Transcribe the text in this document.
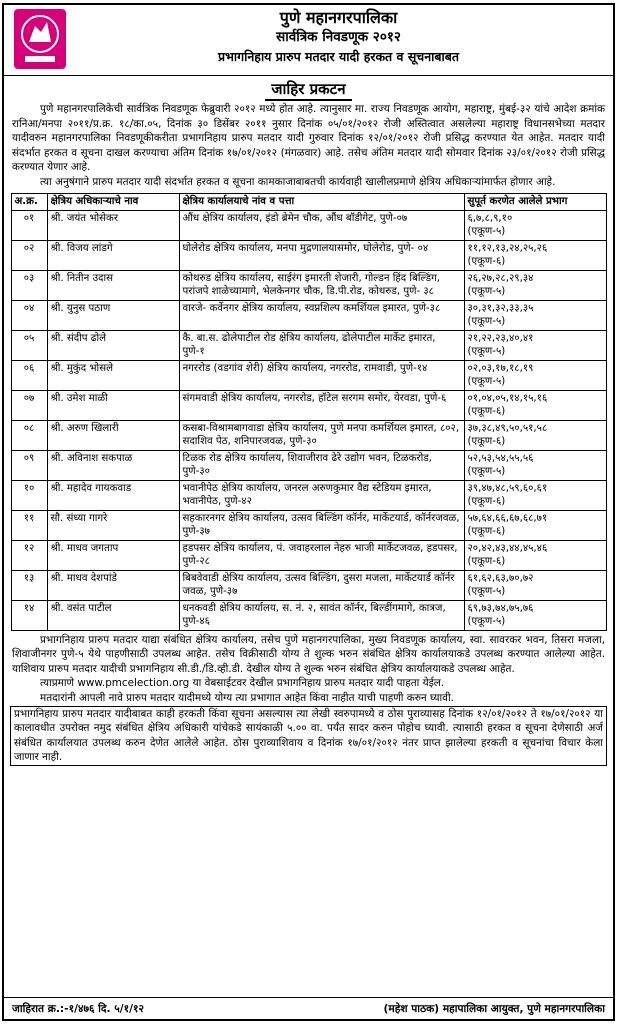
पुणे महानगरपालिका
सार्वत्रिक निवडणूक २०१२
प्रभागनिहाय प्रारुप मतदार यादी हरकत व सूचनाबाबत
जाहिर प्रकटन

पुणे महानगरपालिकेची सार्वत्रिक निवडणूक फेब्रुवारी २०१२ मध्ये होत आहे. त्यानुसार मा. राज्य निवडणूक आयोग, महाराष्ट्र, मुंबई-३२ यांचे आदेश क्रमांक रानिआ/मनपा २०११/प्र.क्र. १८/का.०५, दिनांक ३० डिसेंबर २०११ नुसार दिनांक ०५/०१/२०१२ रोजी अस्तित्वात असलेल्या महाराष्ट्र विधानसभेच्या मतदार यादीवरुन महानगरपालिका निवडणूकीकरीता प्रभागनिहाय प्रारुप मतदार यादी गुरुवार दिनांक १२/०१/२०१२ रोजी प्रसिद्ध करण्यात येत आहेत. मतदार यादी संदर्भात हरकत व सूचना दाखल करण्याचा अंतिम दिनांक १७/०१/२०१२ (मंगळवार) आहे. तसेच अंतिम मतदार यादी सोमवार दिनांक २३/०१/२०१२ रोजी प्रसिद्ध करण्यात येणार आहे.

त्या अनुषंगाने प्रारुप मतदार यादी संदर्भात हरकत व सूचना कामकाजाबाबतची कार्यवाही खालीलप्रमाणे क्षेत्रिय अधिकाऱ्यांमार्फत होणार आहे.

अ.क्र.	क्षेत्रिय अधिकाऱ्याचे नाव	क्षेत्रिय कार्यालयाचे नांव व पत्ता	सुपूर्त करणेत आलेले प्रभाग
०१	श्री. जयंत भोसेकर	औंध क्षेत्रिय कार्यालय, इंडो ब्रेमेन चौक, औंध बॉडीगेट, पुणे-०७	६,७,८,९,१०
(एकूण-५)

०२	श्री. विजय लांडगे	घोलेरोड क्षेत्रिय कार्यालय, मनपा मुद्रणालयासमोर, घोलेरोड, पुणे- ०४	११,१२,१३,२४,२५,२६
(एकूण-६)

०३	श्री. नितीन उदास	कोथरुड क्षेत्रिय कार्यालय, साईरंग इमारती शेजारी, गोल्डन हिंद बिल्डिंग, परांजपे शाळेच्यामागे, भेलकेनगर चौक, डि.पी.रोड, कोथरुड, पुणे- ३८	२६,२७,२८,२९,३४
(एकूण-५)

०४	श्री. युनुस पठाण	वारजे- कर्वेनगर क्षेत्रिय कार्यालय, स्वप्नशिल्प कमर्शियल इमारत, पुणे-३८	३०,३१,३२,३३,३५
(एकूण-५)

०५	श्री. संदीप ढोले	कै. बा.स. ढोलेपाटील रोड क्षेत्रिय कार्यालय, ढोलेपाटील मार्केट इमारत, पुणे-१	२१,२२,२३,४०,४१
(एकूण-५)

०६	श्री. मुकुंद भोसले	नगररोड (वडगांव शेरी) क्षेत्रिय कार्यालय, नगररोड, रामवाडी, पुणे-१४	०२,०३,१७,१८,१९
(एकूण-५)

०७	श्री. उमेश माळी	संगमवाडी क्षेत्रिय कार्यालय, नगररोड, हॉटेल सरगम समोर, येरवडा, पुणे-६	०१,०४,०५,१४,१५,१६
(एकूण-६)

०८	श्री. अरुण खिलारी	कसबा-विश्रामबागवाडा क्षेत्रिय कार्यालय, पुणे मनपा कमर्शियल इमारत, ८०२, सदाशिव पेठ, शनिपारजवळ, पुणे-३०	३७,३८,४९,५०,५१,५८
(एकूण-६)

०९	श्री. अविनाश सकपाळ	टिळक रोड क्षेत्रिय कार्यालय, शिवाजीराव ढेरे उद्योग भवन, टिळकरोड, पुणे-३०	५२,५३,५४,५५,५६
(एकूण-५)

१०	श्री. महादेव गायकवाड	भवानीपेठ क्षेत्रिय कार्यालय, जनरल अरुणकुमार वैद्य स्टेडियम इमारत, भवानीपेठ, पुणे-४२	३९,४७,४८,५९,६०,६१
(एकूण-६)

११	सौ. संध्या गागरे	सहकारनगर क्षेत्रिय कार्यालय, उत्सव बिल्डिंग कॉर्नर, मार्केटयार्ड, कॉर्नरजवळ, पुणे-३७	५७,६४,६६,६७,६८,७१
(एकूण-६)

१२	श्री. माधव जगताप	हडपसर क्षेत्रिय कार्यालय, पं. जवाहरलाल नेहरु भाजी मार्केटजवळ, हडपसर, पुणे-२८	२०,४२,४३,४४,४५,४६
(एकूण-६)

१३	श्री. माधव देशपांडे	बिबवेवाडी क्षेत्रिय कार्यालय, उत्सव बिल्डिंग, दुसरा मजला, मार्केटयार्ड कॉर्नर जवळ, पुणे-३७	६१,६२,६३,७०,७२
(एकूण-५)

१४	श्री. वसंत पाटील	धनकवडी क्षेत्रिय कार्यालय, स. नं. २, सावंत कॉर्नर, बिल्डींगमागे, कात्रज, पुणे-४६	६९,७३,७४,७५,७६
(एकूण-५)

प्रभागनिहाय प्रारुप मतदार याद्या संबंधित क्षेत्रिय कार्यालय, तसेच पुणे महानगरपालिका, मुख्य निवडणूक कार्यालय, स्वा. सावरकर भवन, तिसरा मजला, शिवाजीनगर पुणे-५ येथे पाहणीसाठी उपलब्ध आहेत. तसेच विक्रीसाठी योग्य ते शुल्क भरुन संबंधित क्षेत्रिय कार्यालयाकडे उपलब्ध करण्यात आलेल्या आहेत. याशिवाय प्रारुप मतदार यादीची प्रभागनिहाय सी.डी./डि.व्ही.डी. देखील योग्य ते शुल्क भरुन संबंधित क्षेत्रिय कार्यालयाकडे उपलब्ध आहेत.

त्याप्रमाणे www.pmcelection.org या वेबसाईटवर देखील प्रभागनिहाय प्रारुप मतदार यादी पाहता येईल.

मतदारांनी आपली नावे प्रारुप मतदार यादीमध्ये योग्य त्या प्रभागात आहेत किंवा नाहीत याची पाहणी करुन घ्यावी.

प्रभागनिहाय प्रारुप मतदार यादीबाबत काही हरकती किंवा सूचना असल्यास त्या लेखी स्वरुपामध्ये व ठोस पुराव्यासह दिनांक १२/०१/२०१२ ते १७/०१/२०१२ या कालावधीत उपरोक्त नमुद संबंधित क्षेत्रिय अधिकारी यांचेकडे सायंकाळी ५.०० वा. पर्यंत सादर करुन पोहोच घ्यावी. त्यासाठी हरकत व सूचना देणेसाठी अर्ज संबंधित कार्यालयात उपलब्ध करुन देणेत आलेले आहेत. ठोस पुराव्याशिवाय व दिनांक १७/०१/२०१२ नंतर प्राप्त झालेल्या हरकती व सूचनांचा विचार केला जाणार नाही.
जाहिरात क्र.:-१/४७६ दि. ५/१/१२	(महेश पाठक) महापालिका आयुक्त, पुणे महानगरपालिका
